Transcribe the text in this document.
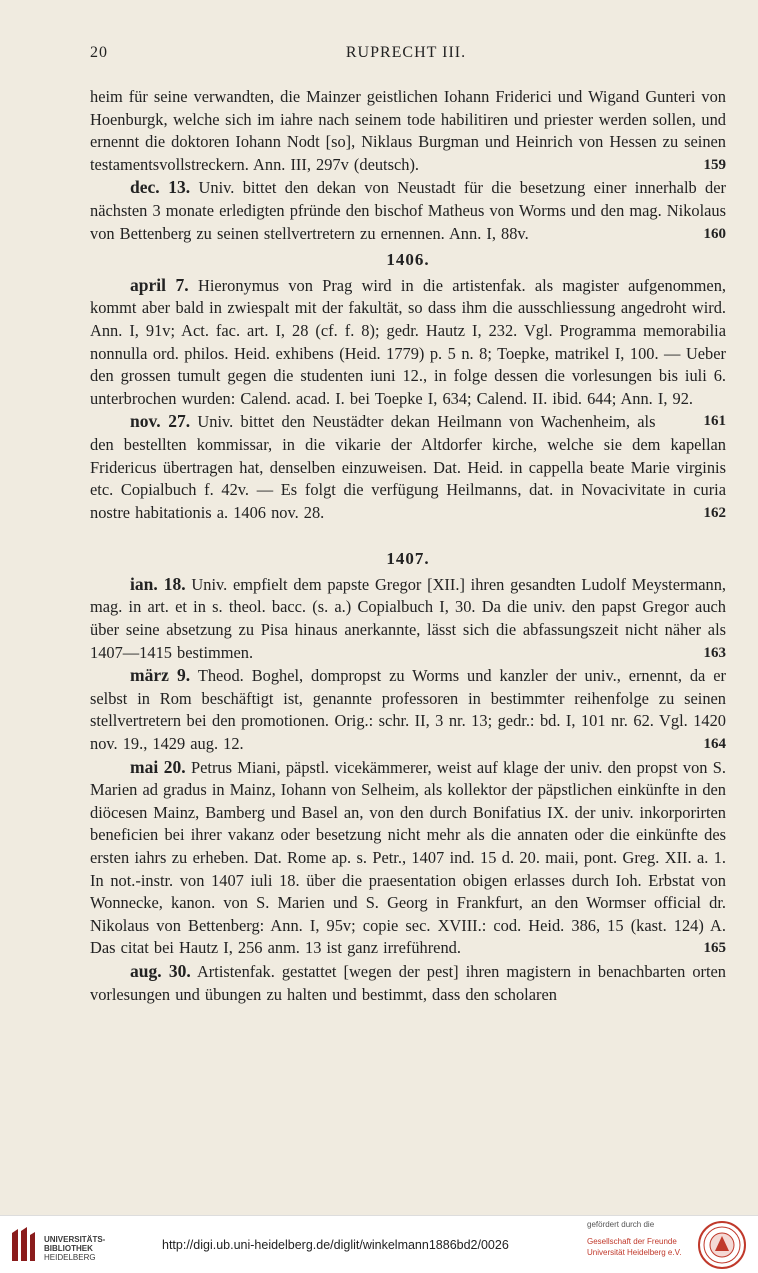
20	RUPRECHT III.

heim für seine verwandten, die Mainzer geistlichen Iohann Friderici und Wigand Gunteri von Hoenburgk, welche sich im iahre nach seinem tode habilitiren und priester werden sollen, und ernennt die doktoren Iohann Nodt [so], Niklaus Burgman und Heinrich von Hessen zu seinen testamentsvollstreckern. Ann. III, 297v (deutsch).	159

dec. 13. Univ. bittet den dekan von Neustadt für die besetzung einer innerhalb der nächsten 3 monate erledigten pfründe den bischof Matheus von Worms und den mag. Nikolaus von Bettenberg zu seinen stellvertretern zu ernennen. Ann. I, 88v.	160

1406.

april 7. Hieronymus von Prag wird in die artistenfak. als magister aufgenommen, kommt aber bald in zwiespalt mit der fakultät, so dass ihm die ausschliessung angedroht wird. Ann. I, 91v; Act. fac. art. I, 28 (cf. f. 8); gedr. Hautz I, 232. Vgl. Programma memorabilia nonnulla ord. philos. Heid. exhibens (Heid. 1779) p. 5 n. 8; Toepke, matrikel I, 100. — Ueber den grossen tumult gegen die studenten iuni 12., in folge dessen die vorlesungen bis iuli 6. unterbrochen wurden: Calend. acad. I. bei Toepke I, 634; Calend. II. ibid. 644; Ann. I, 92.
161

nov. 27. Univ. bittet den Neustädter dekan Heilmann von Wachenheim, als den bestellten kommissar, in die vikarie der Altdorfer kirche, welche sie dem kapellan Fridericus übertragen hat, denselben einzuweisen. Dat. Heid. in cappella beate Marie virginis etc. Copialbuch f. 42v. — Es folgt die verfügung Heilmanns, dat. in Novacivitate in curia nostre habitationis a. 1406 nov. 28.	162

1407.

ian. 18. Univ. empfielt dem papste Gregor [XII.] ihren gesandten Ludolf Meystermann, mag. in art. et in s. theol. bacc. (s. a.) Copialbuch I, 30. Da die univ. den papst Gregor auch über seine absetzung zu Pisa hinaus anerkannte, lässt sich die abfassungszeit nicht näher als 1407—1415 bestimmen.	163

märz 9. Theod. Boghel, dompropst zu Worms und kanzler der univ., ernennt, da er selbst in Rom beschäftigt ist, genannte professoren in bestimmter reihenfolge zu seinen stellvertretern bei den promotionen. Orig.: schr. II, 3 nr. 13; gedr.: bd. I, 101 nr. 62. Vgl. 1420 nov. 19., 1429 aug. 12.	164

mai 20. Petrus Miani, päpstl. vicekämmerer, weist auf klage der univ. den propst von S. Marien ad gradus in Mainz, Iohann von Selheim, als kollektor der päpstlichen einkünfte in den diöcesen Mainz, Bamberg und Basel an, von den durch Bonifatius IX. der univ. inkorporirten beneficien bei ihrer vakanz oder besetzung nicht mehr als die annaten oder die einkünfte des ersten iahrs zu erheben. Dat. Rome ap. s. Petr., 1407 ind. 15 d. 20. maii, pont. Greg. XII. a. 1. In not.-instr. von 1407 iuli 18. über die praesentation obigen erlasses durch Ioh. Erbstat von Wonnecke, kanon. von S. Marien und S. Georg in Frankfurt, an den Wormser official dr. Nikolaus von Bettenberg: Ann. I, 95v; copie sec. XVIII.: cod. Heid. 386, 15 (kast. 124) A. Das citat bei Hautz I, 256 anm. 13 ist ganz irreführend.	165

aug. 30. Artistenfak. gestattet [wegen der pest] ihren magistern in benachbarten orten vorlesungen und übungen zu halten und bestimmt, dass den scholaren

UNIVERSITÄTS-
BIBLIOTHEK
HEIDELBERG
http://digi.ub.uni-heidelberg.de/diglit/winkelmann1886bd2/0026
gefördert durch die
Gesellschaft der Freunde
Universität Heidelberg e.V.
